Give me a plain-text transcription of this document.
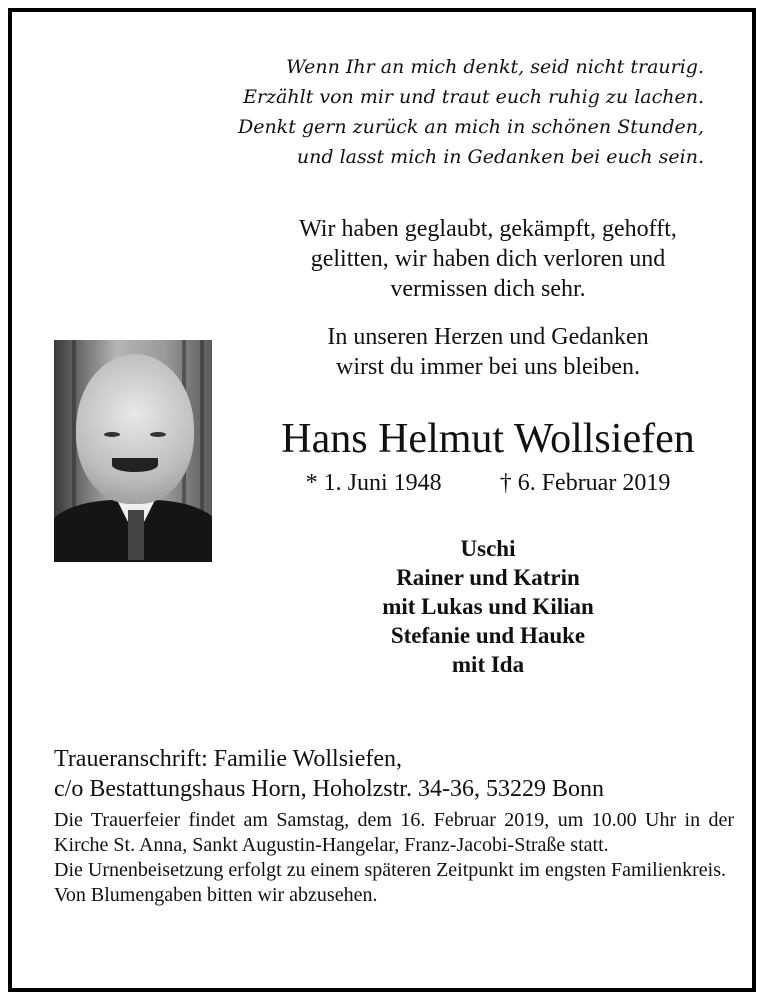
Wenn Ihr an mich denkt, seid nicht traurig.
Erzählt von mir und traut euch ruhig zu lachen.
Denkt gern zurück an mich in schönen Stunden,
und lasst mich in Gedanken bei euch sein.
Wir haben geglaubt, gekämpft, gehofft,
gelitten, wir haben dich verloren und
vermissen dich sehr.
In unseren Herzen und Gedanken
wirst du immer bei uns bleiben.
Hans Helmut Wollsiefen
* 1. Juni 1948 † 6. Februar 2019
Uschi
Rainer und Katrin
mit Lukas und Kilian
Stefanie und Hauke
mit Ida
Traueranschrift: Familie Wollsiefen,
c/o Bestattungshaus Horn, Hoholzstr. 34-36, 53229 Bonn

Die Trauerfeier findet am Samstag, dem 16. Februar 2019, um 10.00 Uhr in der Kirche St. Anna, Sankt Augustin-Hangelar, Franz-Jacobi-Straße statt.

Die Urnenbeisetzung erfolgt zu einem späteren Zeitpunkt im engsten Familienkreis.

Von Blumengaben bitten wir abzusehen.
